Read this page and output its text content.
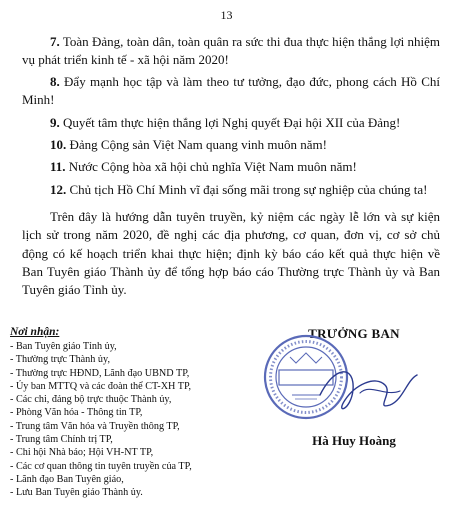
13

7. Toàn Đảng, toàn dân, toàn quân ra sức thi đua thực hiện thắng lợi nhiệm vụ phát triển kinh tế - xã hội năm 2020!

8. Đẩy mạnh học tập và làm theo tư tưởng, đạo đức, phong cách Hồ Chí Minh!

9. Quyết tâm thực hiện thắng lợi Nghị quyết Đại hội XII của Đảng!

10. Đảng Cộng sản Việt Nam quang vinh muôn năm!

11. Nước Cộng hòa xã hội chủ nghĩa Việt Nam muôn năm!

12. Chủ tịch Hồ Chí Minh vĩ đại sống mãi trong sự nghiệp của chúng ta!

Trên đây là hướng dẫn tuyên truyền, kỷ niệm các ngày lễ lớn và sự kiện lịch sử trong năm 2020, đề nghị các địa phương, cơ quan, đơn vị, cơ sở chủ động có kế hoạch triển khai thực hiện; định kỳ báo cáo kết quả thực hiện về Ban Tuyên giáo Thành ủy để tổng hợp báo cáo Thường trực Thành ủy và Ban Tuyên giáo Tỉnh ủy.

Nơi nhận:
- Ban Tuyên giáo Tỉnh ủy,
- Thường trực Thành ủy,
- Thường trực HĐND, Lãnh đạo UBND TP,
- Ủy ban MTTQ và các đoàn thể CT-XH TP,
- Các chi, đảng bộ trực thuộc Thành ủy,
- Phòng Văn hóa - Thông tin TP,
- Trung tâm Văn hóa và Truyền thông TP,
- Trung tâm Chính trị TP,
- Chi hội Nhà báo; Hội VH-NT TP,
- Các cơ quan thông tin tuyên truyền của TP,
- Lãnh đạo Ban Tuyên giáo,
- Lưu Ban Tuyên giáo Thành ủy.
TRƯỞNG BAN
Hà Huy Hoàng
